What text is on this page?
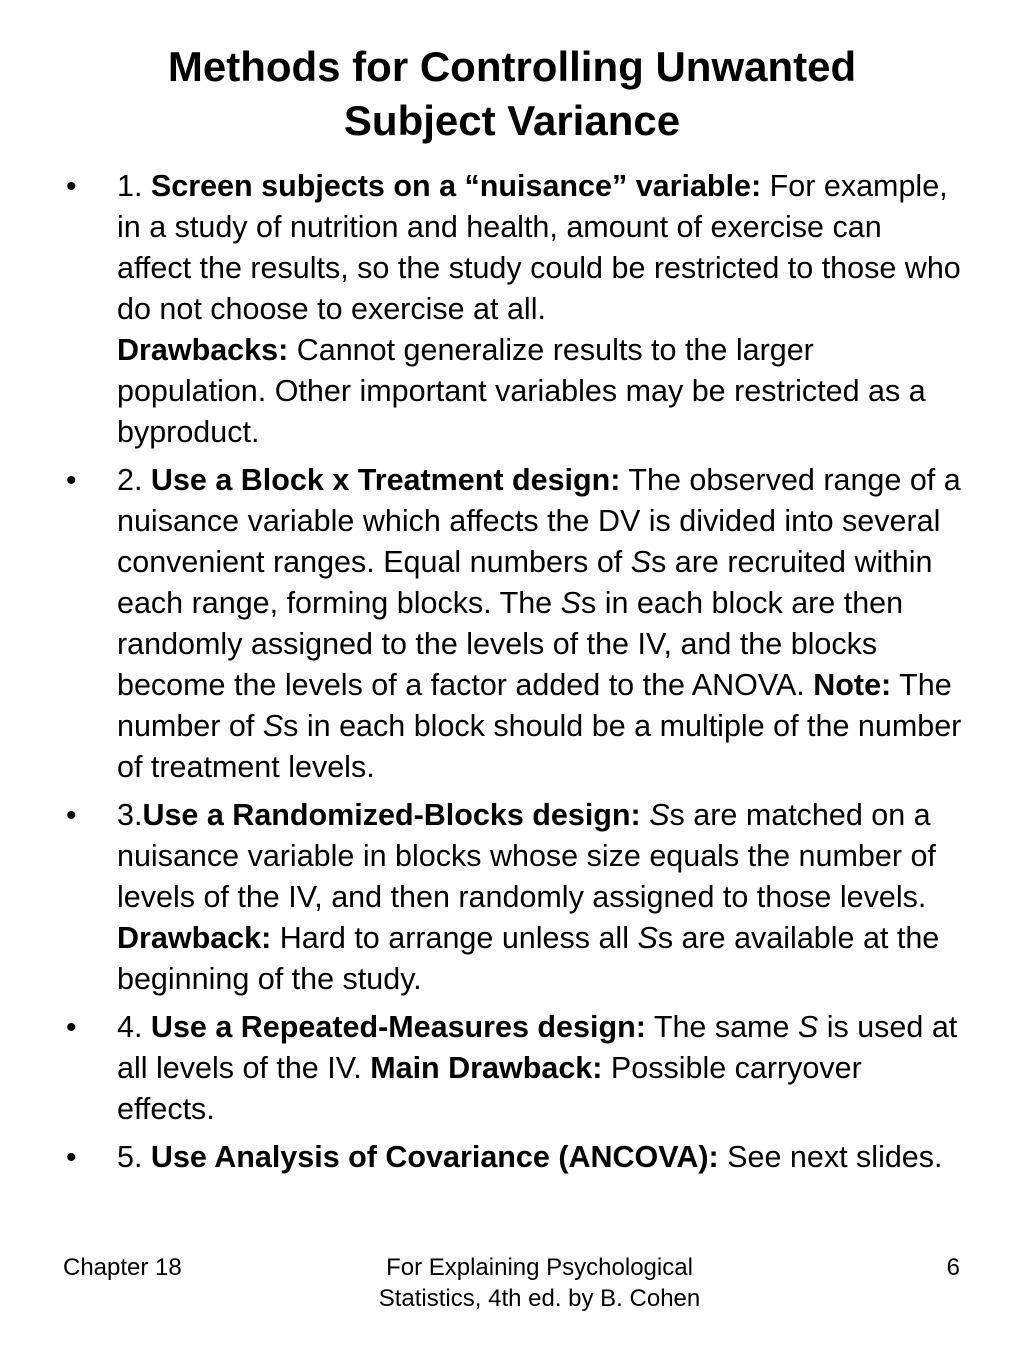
Methods for Controlling Unwanted
Subject Variance
• 1. Screen subjects on a “nuisance” variable: For example, in a study of nutrition and health, amount of exercise can affect the results, so the study could be restricted to those who do not choose to exercise at all.
Drawbacks: Cannot generalize results to the larger population. Other important variables may be restricted as a byproduct.
• 2. Use a Block x Treatment design: The observed range of a nuisance variable which affects the DV is divided into several convenient ranges. Equal numbers of Ss are recruited within each range, forming blocks. The Ss in each block are then randomly assigned to the levels of the IV, and the blocks become the levels of a factor added to the ANOVA. Note: The number of Ss in each block should be a multiple of the number of treatment levels.
• 3.Use a Randomized-Blocks design: Ss are matched on a nuisance variable in blocks whose size equals the number of levels of the IV, and then randomly assigned to those levels. Drawback: Hard to arrange unless all Ss are available at the beginning of the study.
• 4. Use a Repeated-Measures design: The same S is used at all levels of the IV. Main Drawback: Possible carryover effects.
• 5. Use Analysis of Covariance (ANCOVA): See next slides.
Chapter 18	For Explaining Psychological
Statistics, 4th ed. by B. Cohen
6
